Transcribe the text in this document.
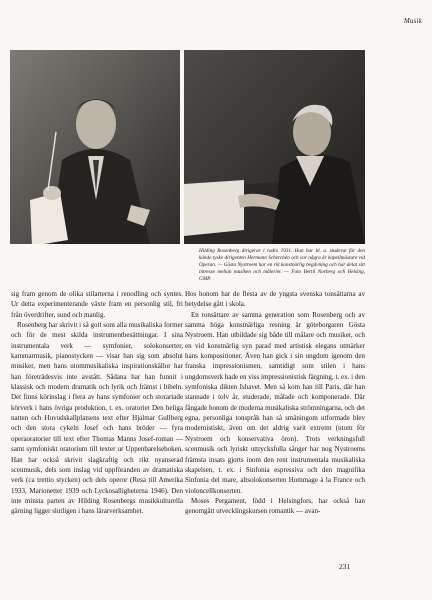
Musik
Hilding Rosenberg dirigerar i radio 1931. Han har bl. a. studerat för den kände tyske dirigenten Hermann Scherchen och var några år kapellmästare vid Operan. — Gösta Nystroem har en rik konstnärlig begåvning och har delat sitt intresse mellan musiken och måleriet. — Foto Bertil Norberg och Helsing, GMP.

sig fram genom de olika stilarterna i renodling och syntes. Ur detta experimenterande växte fram en personlig stil, fri från överdrifter, sund och manlig.

Rosenberg har skrivit i så gott som alla musikaliska former och för de mest skilda instrumentbesättningar. I sina instrumentala verk — symfonier, solokonserter, kammarmusik, pianostycken — visar han sig som absolut musiker, men hans utommusikaliska inspirationskällor har han företrädesvis inte avstått. Sådana har han funnit i klassisk och modern dramatik och lyrik och främst i bibeln. Det finns körinslag i flera av hans symfonier och storartade körverk i hans övriga produktion, t. ex. oratoriet Den heliga natten och Huvudskallplatsens text efter Hjalmar Gullberg och den stora cykeln Josef och hans bröder — fyra operaoratorier till text efter Thomas Manns Josef-roman — samt symfoniskt oratorium till texter ur Uppenbarelseboken. Han har också skrivit slagkraftig och rikt nyanserad scenmusik, dels som inslag vid uppföranden av dramatiska verk (ca trettio stycken) och dels operor (Resa till Amerika 1933, Marionetter 1939 och Lyckosalligheterna 1946). Den inte minsta parten av Hilding Rosenbergs musikkulturella gärning ligger slutligen i hans lärarverksamhet.

Hos honom har de flesta av de yngsta svenska tonsättarna av betydelse gått i skola.

En tonsättare av samma generation som Rosenberg och av samma höga konstnärliga resning är göteborgaren Gösta Nystroem. Han utbildade sig både till målare och musiker, och en vid konstnärlig syn parad med artistisk elegans utmärker hans kompositioner. Även han gick i sin ungdom igenom den franska impressionismen, samtidigt som stilen i hans ungdomsverk hade en viss impressionistisk färgning, t. ex. i den symfoniska dikten Ishavet. Men så kom han till Paris, där han stannade i tolv år, studerade, målade och komponerade. Där fångade honom de moderna musikaliska strömningarna, och det egna, personliga tonspråk han så småningom utformade blev modernistiskt, även om det aldrig varit extremt (utom för Nystroem och konservativa öron). Trots verkningsfull scenmusik och lyriskt uttrycksfulla sånger har nog Nystroems främsta insats gjorts inom den rent instrumentala musikaliska skapelsen, t. ex. i Sinfonia espressiva och den magnifika Sinfonia del mare, altsolokonserten Hommage à la France och violoncellkonserten.

Moses Pergament, född i Helsingfors, har också han genomgått utvecklingskursen romantik — avan-

231
